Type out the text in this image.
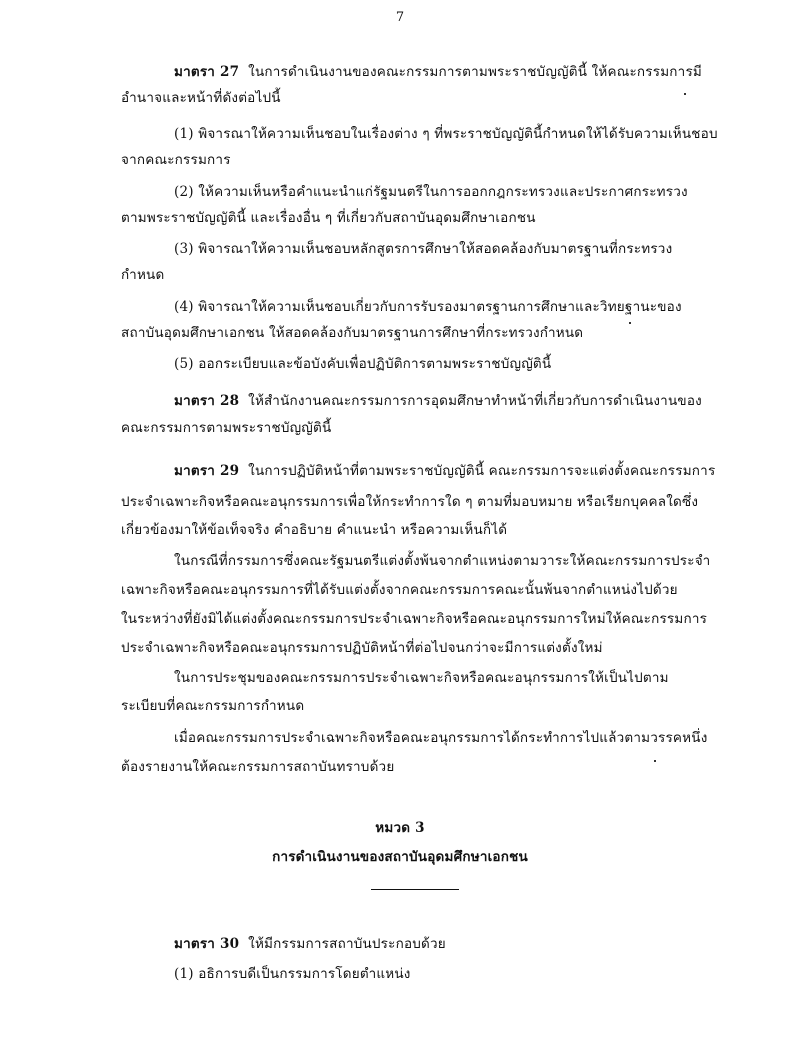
7
มาตรา 27 ในการดำเนินงานของคณะกรรมการตามพระราชบัญญัตินี้ ให้คณะกรรมการมี
อำนาจและหน้าที่ดังต่อไปนี้
(1) พิจารณาให้ความเห็นชอบในเรื่องต่าง ๆ ที่พระราชบัญญัตินี้กำหนดให้ได้รับความเห็นชอบ
จากคณะกรรมการ
(2) ให้ความเห็นหรือคำแนะนำแก่รัฐมนตรีในการออกกฎกระทรวงและประกาศกระทรวง
ตามพระราชบัญญัตินี้ และเรื่องอื่น ๆ ที่เกี่ยวกับสถาบันอุดมศึกษาเอกชน
(3) พิจารณาให้ความเห็นชอบหลักสูตรการศึกษาให้สอดคล้องกับมาตรฐานที่กระทรวง
กำหนด
(4) พิจารณาให้ความเห็นชอบเกี่ยวกับการรับรองมาตรฐานการศึกษาและวิทยฐานะของ
สถาบันอุดมศึกษาเอกชน ให้สอดคล้องกับมาตรฐานการศึกษาที่กระทรวงกำหนด
(5) ออกระเบียบและข้อบังคับเพื่อปฏิบัติการตามพระราชบัญญัตินี้
มาตรา 28 ให้สำนักงานคณะกรรมการการอุดมศึกษาทำหน้าที่เกี่ยวกับการดำเนินงานของ
คณะกรรมการตามพระราชบัญญัตินี้
มาตรา 29 ในการปฏิบัติหน้าที่ตามพระราชบัญญัตินี้ คณะกรรมการจะแต่งตั้งคณะกรรมการ
ประจำเฉพาะกิจหรือคณะอนุกรรมการเพื่อให้กระทำการใด ๆ ตามที่มอบหมาย หรือเรียกบุคคลใดซึ่ง
เกี่ยวข้องมาให้ข้อเท็จจริง คำอธิบาย คำแนะนำ หรือความเห็นก็ได้
ในกรณีที่กรรมการซึ่งคณะรัฐมนตรีแต่งตั้งพ้นจากตำแหน่งตามวาระให้คณะกรรมการประจำ
เฉพาะกิจหรือคณะอนุกรรมการที่ได้รับแต่งตั้งจากคณะกรรมการคณะนั้นพ้นจากตำแหน่งไปด้วย
ในระหว่างที่ยังมิได้แต่งตั้งคณะกรรมการประจำเฉพาะกิจหรือคณะอนุกรรมการใหม่ให้คณะกรรมการ
ประจำเฉพาะกิจหรือคณะอนุกรรมการปฏิบัติหน้าที่ต่อไปจนกว่าจะมีการแต่งตั้งใหม่
ในการประชุมของคณะกรรมการประจำเฉพาะกิจหรือคณะอนุกรรมการให้เป็นไปตาม
ระเบียบที่คณะกรรมการกำหนด
เมื่อคณะกรรมการประจำเฉพาะกิจหรือคณะอนุกรรมการได้กระทำการไปแล้วตามวรรคหนึ่ง
ต้องรายงานให้คณะกรรมการสถาบันทราบด้วย
หมวด 3
การดำเนินงานของสถาบันอุดมศึกษาเอกชน
มาตรา 30 ให้มีกรรมการสถาบันประกอบด้วย
(1) อธิการบดีเป็นกรรมการโดยตำแหน่ง
